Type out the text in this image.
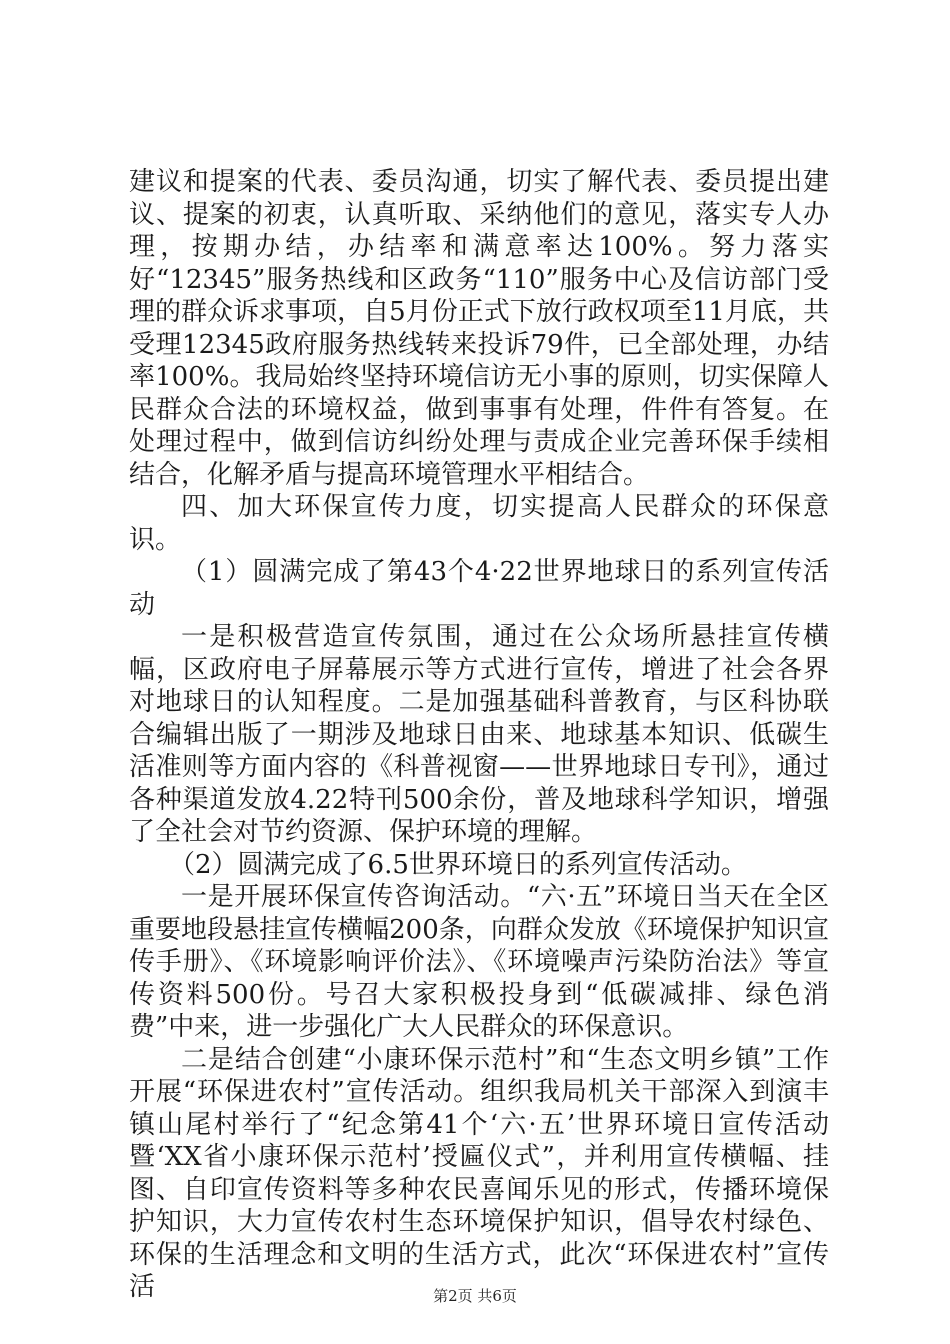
建议和提案的代表、委员沟通，切实了解代表、委员提出建议、提案的初衷，认真听取、采纳他们的意见，落实专人办理，按期办结，办结率和满意率达100%。努力落实好“12345”服务热线和区政务“110”服务中心及信访部门受理的群众诉求事项，自5月份正式下放行政权项至11月底，共受理12345政府服务热线转来投诉79件，已全部处理，办结率100%。我局始终坚持环境信访无小事的原则，切实保障人民群众合法的环境权益，做到事事有处理，件件有答复。在处理过程中，做到信访纠纷处理与责成企业完善环保手续相结合，化解矛盾与提高环境管理水平相结合。

四、加大环保宣传力度，切实提高人民群众的环保意识。

（1）圆满完成了第43个4·22世界地球日的系列宣传活动

一是积极营造宣传氛围，通过在公众场所悬挂宣传横幅，区政府电子屏幕展示等方式进行宣传，增进了社会各界对地球日的认知程度。二是加强基础科普教育，与区科协联合编辑出版了一期涉及地球日由来、地球基本知识、低碳生活准则等方面内容的《科普视窗——世界地球日专刊》，通过各种渠道发放4.22特刊500余份，普及地球科学知识，增强了全社会对节约资源、保护环境的理解。

（2）圆满完成了6.5世界环境日的系列宣传活动。

一是开展环保宣传咨询活动。“六·五”环境日当天在全区重要地段悬挂宣传横幅200条，向群众发放《环境保护知识宣传手册》、《环境影响评价法》、《环境噪声污染防治法》等宣传资料500份。号召大家积极投身到“低碳减排、绿色消费”中来，进一步强化广大人民群众的环保意识。

二是结合创建“小康环保示范村”和“生态文明乡镇”工作开展“环保进农村”宣传活动。组织我局机关干部深入到演丰镇山尾村举行了“纪念第41个‘六·五’世界环境日宣传活动暨‘XX省小康环保示范村’授匾仪式”，并利用宣传横幅、挂图、自印宣传资料等多种农民喜闻乐见的形式，传播环境保护知识，大力宣传农村生态环境保护知识，倡导农村绿色、环保的生活理念和文明的生活方式，此次“环保进农村”宣传活	第2页 共6页
